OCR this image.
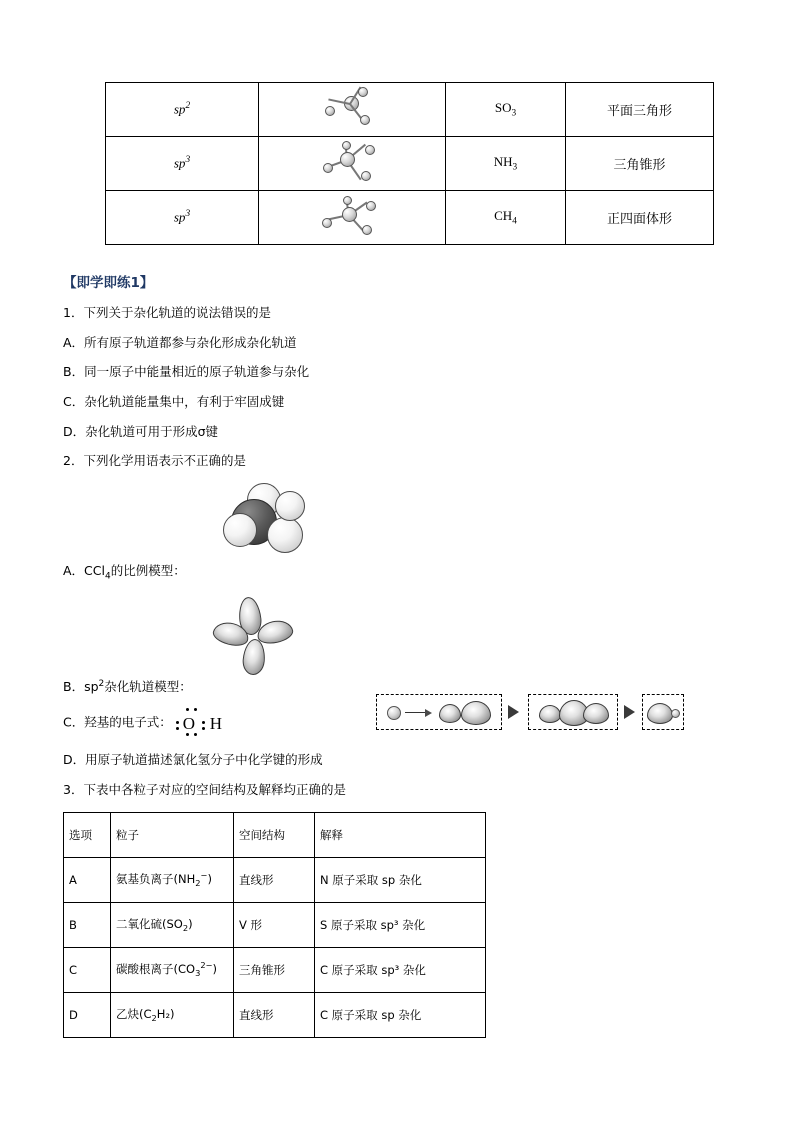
$sp^2$		$SO_3$	平面三角形
$sp^3$		$NH_3$	三角锥形
$sp^3$		$CH_4$	正四面体形
【即学即练1】

1．下列关于杂化轨道的说法错误的是

A．所有原子轨道都参与杂化形成杂化轨道

B．同一原子中能量相近的原子轨道参与杂化

C．杂化轨道能量集中，有利于牢固成键

D．杂化轨道可用于形成σ键

2．下列化学用语表示不正确的是

A．CCl$_4$的比例模型：

B．$sp^2$杂化轨道模型：

C．羟基的电子式： O H

D．用原子轨道描述氯化氢分子中化学键的形成

3．下表中各粒子对应的空间结构及解释均正确的是

选项	粒子	空间结构	解释
A	氨基负离子$(NH_2^-)$	直线形	N 原子采取 sp 杂化
B	二氧化硫$(SO_2)$	V 形	S 原子采取 sp³ 杂化
C	碳酸根离子$(CO_3^{2-})$	三角锥形	C 原子采取 sp³ 杂化
D	乙炔$(C_2H_2)$	直线形	C 原子采取 sp 杂化
